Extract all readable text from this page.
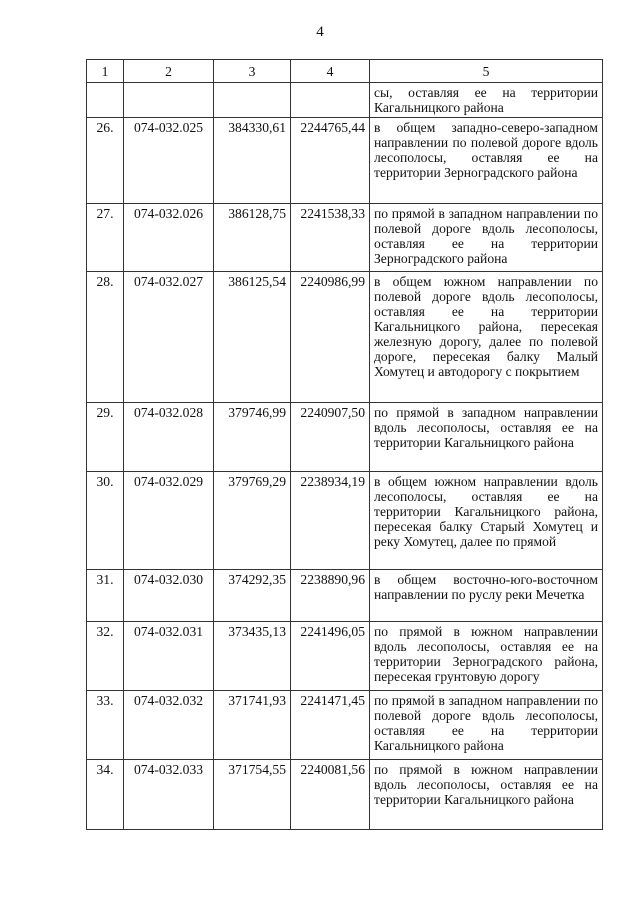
4
1	2	3	4	5
				сы, оставляя ее на территории Кагальницкого района
26.	074-032.025	384330,61	2244765,44	в общем западно-северо-западном направлении по полевой дороге вдоль лесополосы, оставляя ее на территории Зерноградского района
27.	074-032.026	386128,75	2241538,33	по прямой в западном направлении по полевой дороге вдоль лесополосы, оставляя ее на территории Зерноградского района
28.	074-032.027	386125,54	2240986,99	в общем южном направлении по полевой дороге вдоль лесополосы, оставляя ее на территории Кагальницкого района, пересекая железную дорогу, далее по полевой дороге, пересекая балку Малый Хомутец и автодорогу с покрытием
29.	074-032.028	379746,99	2240907,50	по прямой в западном направлении вдоль лесополосы, оставляя ее на территории Кагальницкого района
30.	074-032.029	379769,29	2238934,19	в общем южном направлении вдоль лесополосы, оставляя ее на территории Кагальницкого района, пересекая балку Старый Хомутец и реку Хомутец, далее по прямой
31.	074-032.030	374292,35	2238890,96	в общем восточно-юго-восточном направлении по руслу реки Мечетка
32.	074-032.031	373435,13	2241496,05	по прямой в южном направлении вдоль лесополосы, оставляя ее на территории Зерноградского района, пересекая грунтовую дорогу
33.	074-032.032	371741,93	2241471,45	по прямой в западном направлении по полевой дороге вдоль лесополосы, оставляя ее на территории Кагальницкого района
34.	074-032.033	371754,55	2240081,56	по прямой в южном направлении вдоль лесополосы, оставляя ее на территории Кагальницкого района
